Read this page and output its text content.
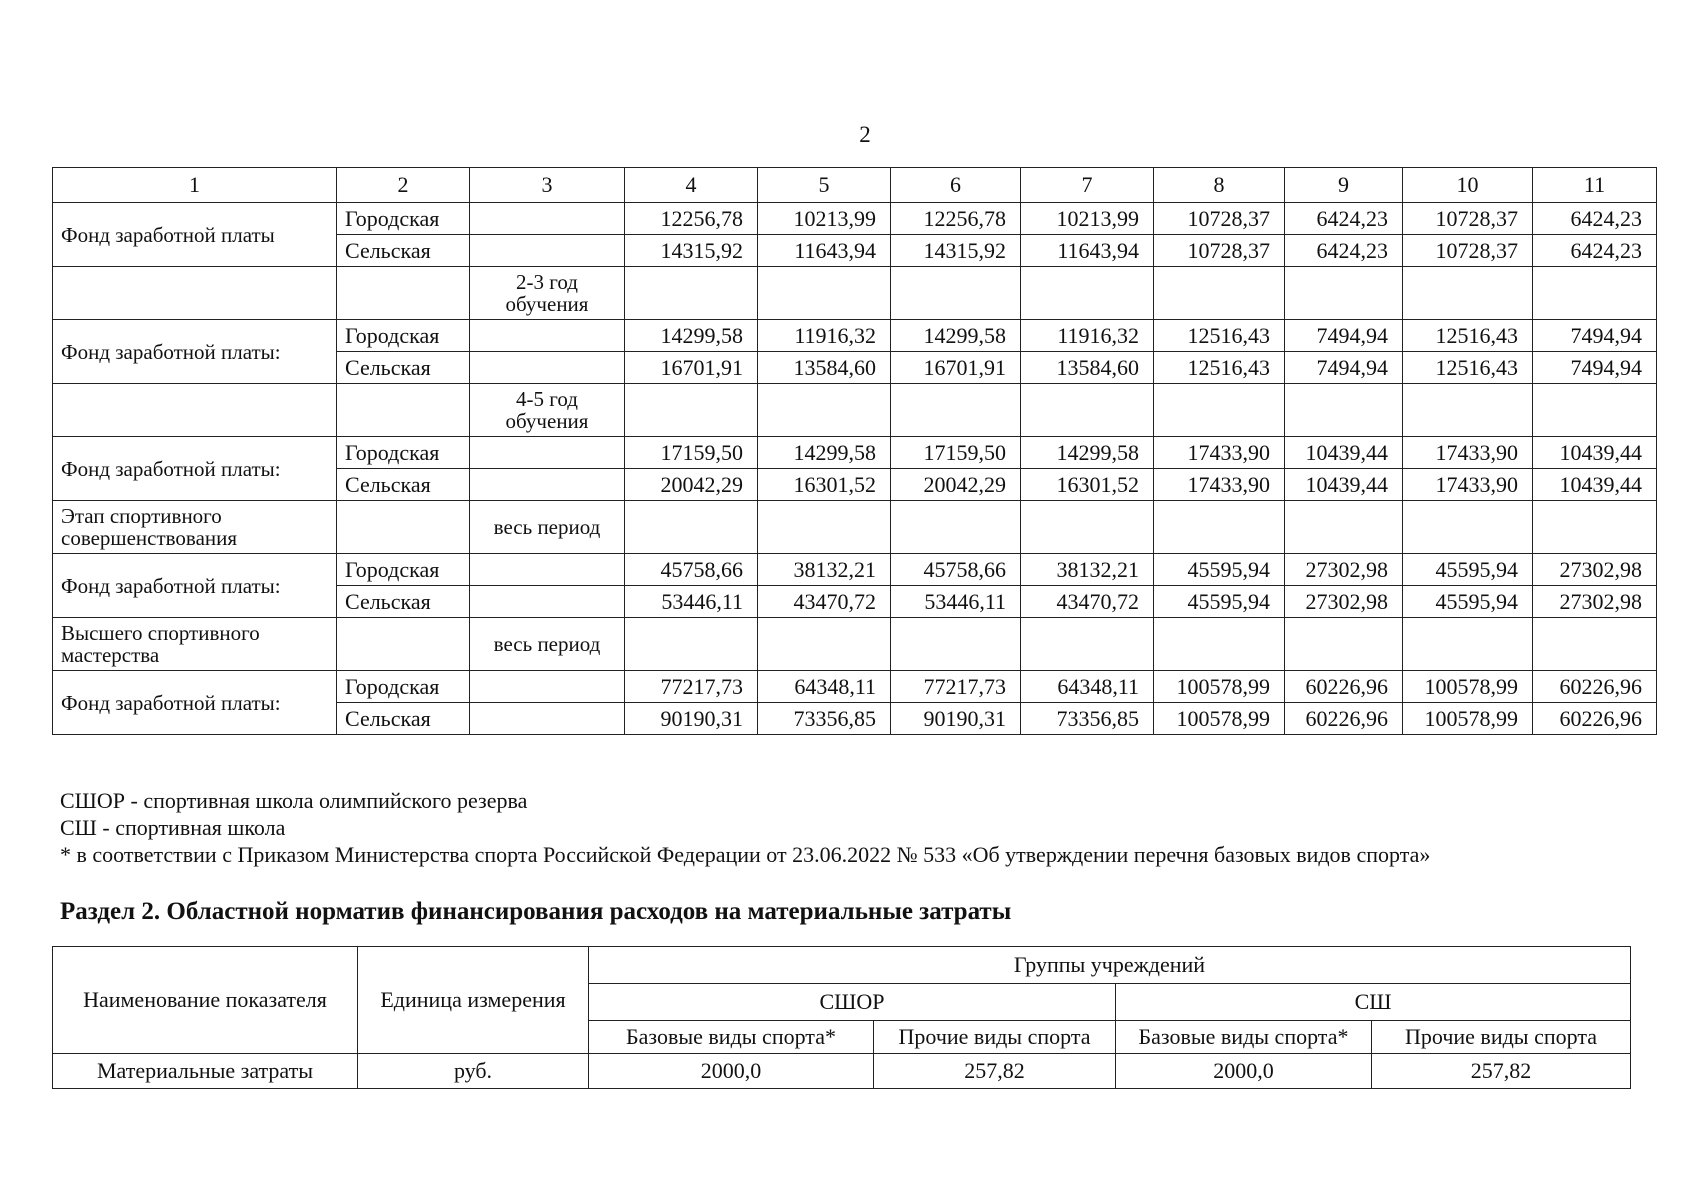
2
1	2	3	4	5	6	7	8	9	10	11
Фонд заработной платы	Городская		12256,78	10213,99	12256,78	10213,99	10728,37	6424,23	10728,37	6424,23
	Сельская		14315,92	11643,94	14315,92	11643,94	10728,37	6424,23	10728,37	6424,23
		2-3 год обучения								
Фонд заработной платы:	Городская		14299,58	11916,32	14299,58	11916,32	12516,43	7494,94	12516,43	7494,94
	Сельская		16701,91	13584,60	16701,91	13584,60	12516,43	7494,94	12516,43	7494,94
		4-5 год обучения								
Фонд заработной платы:	Городская		17159,50	14299,58	17159,50	14299,58	17433,90	10439,44	17433,90	10439,44
	Сельская		20042,29	16301,52	20042,29	16301,52	17433,90	10439,44	17433,90	10439,44
Этап спортивного совершенствования		весь период								
Фонд заработной платы:	Городская		45758,66	38132,21	45758,66	38132,21	45595,94	27302,98	45595,94	27302,98
	Сельская		53446,11	43470,72	53446,11	43470,72	45595,94	27302,98	45595,94	27302,98
Высшего спортивного мастерства		весь период								
Фонд заработной платы:	Городская		77217,73	64348,11	77217,73	64348,11	100578,99	60226,96	100578,99	60226,96
	Сельская		90190,31	73356,85	90190,31	73356,85	100578,99	60226,96	100578,99	60226,96
СШОР - спортивная школа олимпийского резерва
СШ - спортивная школа
* в соответствии с Приказом Министерства спорта Российской Федерации от 23.06.2022 № 533 «Об утверждении перечня базовых видов спорта»
Раздел 2. Областной норматив финансирования расходов на материальные затраты
Наименование показателя	Единица измерения	Группы учреждений			
		СШОР		СШ	
		Базовые виды спорта*	Прочие виды спорта	Базовые виды спорта*	Прочие виды спорта
Материальные затраты	руб.	2000,0	257,82	2000,0	257,82
